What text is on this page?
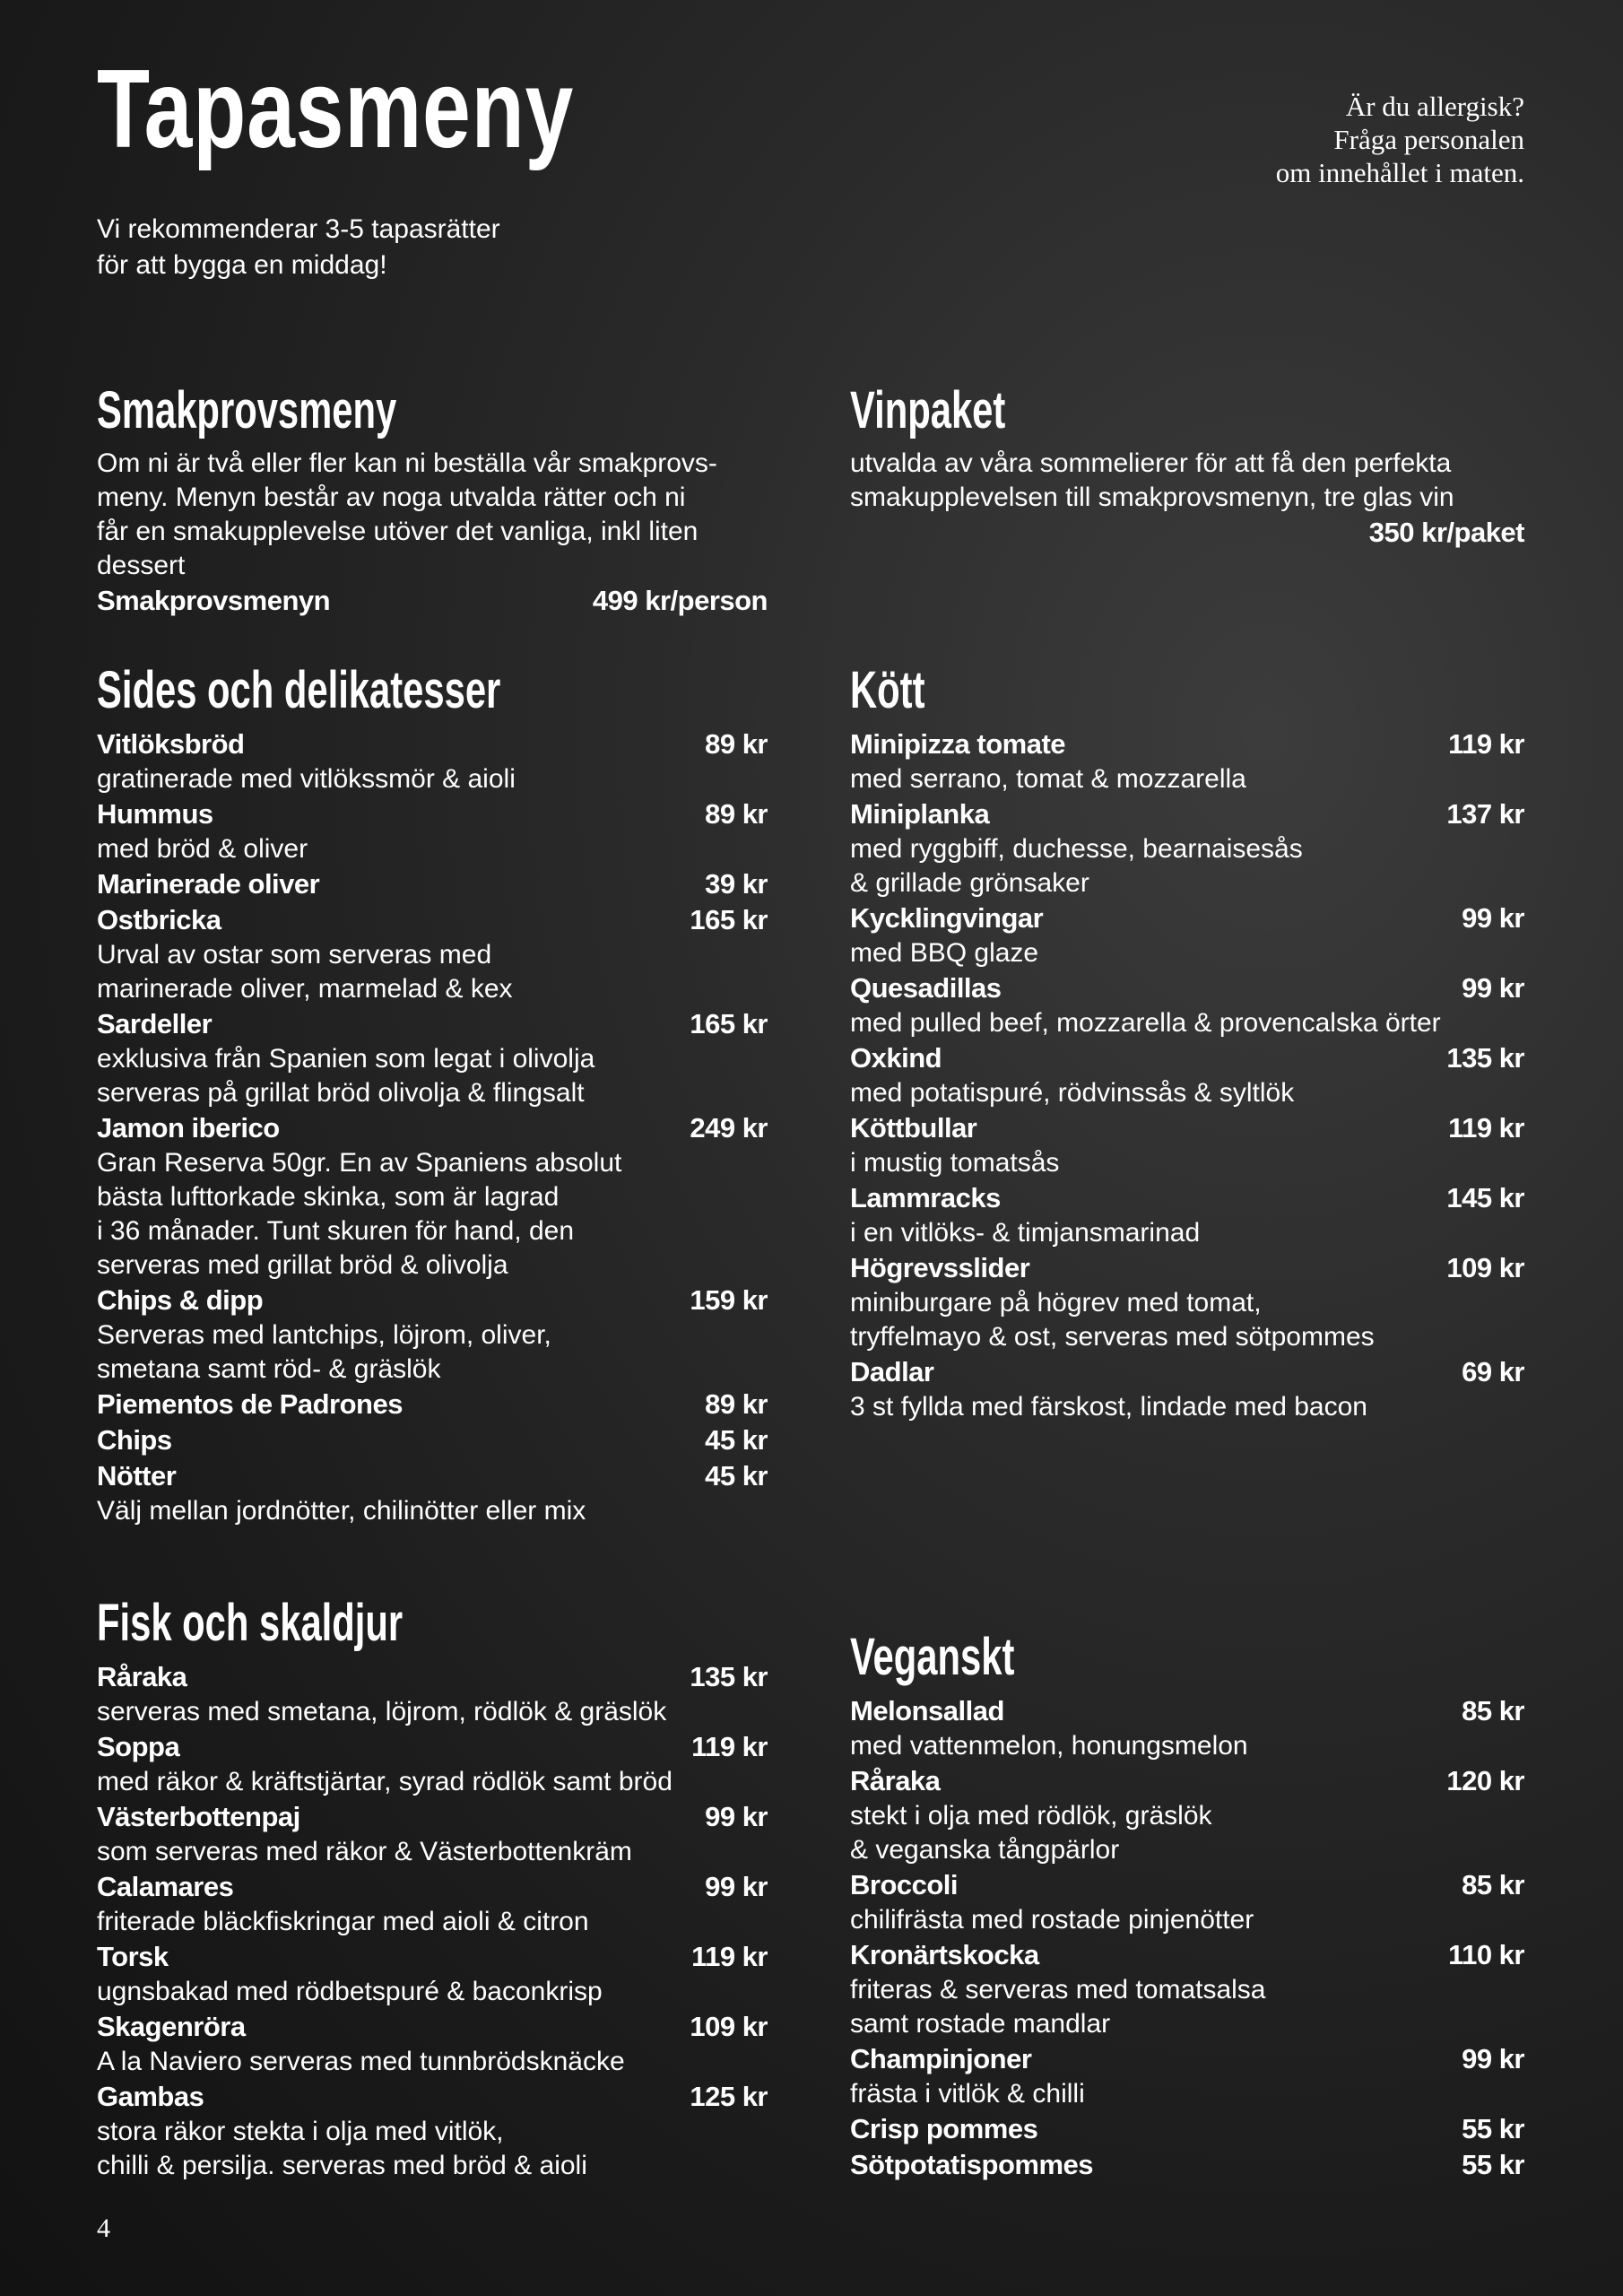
Tapasmeny
Vi rekommenderar 3-5 tapasrätter
för att bygga en middag!
Är du allergisk?
Fråga personalen
om innehållet i maten.
Smakprovsmeny
Om ni är två eller fler kan ni beställa vår smakprovs-
meny. Menyn består av noga utvalda rätter och ni
får en smakupplevelse utöver det vanliga, inkl liten
dessert
Smakprovsmenyn	499 kr/person
Vinpaket
utvalda av våra sommelierer för att få den perfekta
smakupplevelsen till smakprovsmenyn, tre glas vin
350 kr/paket
Sides och delikatesser
Vitlöksbröd	89 kr
gratinerade med vitlökssmör & aioli
Hummus	89 kr
med bröd & oliver
Marinerade oliver	39 kr
Ostbricka	165 kr
Urval av ostar som serveras med
marinerade oliver, marmelad & kex
Sardeller	165 kr
exklusiva från Spanien som legat i olivolja
serveras på grillat bröd olivolja & flingsalt
Jamon iberico	249 kr
Gran Reserva 50gr. En av Spaniens absolut
bästa lufttorkade skinka, som är lagrad
i 36 månader. Tunt skuren för hand, den
serveras med grillat bröd & olivolja
Chips & dipp	159 kr
Serveras med lantchips, löjrom, oliver,
smetana samt röd- & gräslök
Piementos de Padrones	89 kr
Chips	45 kr
Nötter	45 kr
Välj mellan jordnötter, chilinötter eller mix
Kött
Minipizza tomate	119 kr
med serrano, tomat & mozzarella
Miniplanka	137 kr
med ryggbiff, duchesse, bearnaisesås
& grillade grönsaker
Kycklingvingar	99 kr
med BBQ glaze
Quesadillas	99 kr
med pulled beef, mozzarella & provencalska örter
Oxkind	135 kr
med potatispuré, rödvinssås & syltlök
Köttbullar	119 kr
i mustig tomatsås
Lammracks	145 kr
i en vitlöks- & timjansmarinad
Högrevsslider	109 kr
miniburgare på högrev med tomat,
tryffelmayo & ost, serveras med sötpommes
Dadlar	69 kr
3 st fyllda med färskost, lindade med bacon
Fisk och skaldjur
Råraka	135 kr
serveras med smetana, löjrom, rödlök & gräslök
Soppa	119 kr
med räkor & kräftstjärtar, syrad rödlök samt bröd
Västerbottenpaj	99 kr
som serveras med räkor & Västerbottenkräm
Calamares	99 kr
friterade bläckfiskringar med aioli & citron
Torsk	119 kr
ugnsbakad med rödbetspuré & baconkrisp
Skagenröra	109 kr
A la Naviero serveras med tunnbrödsknäcke
Gambas	125 kr
stora räkor stekta i olja med vitlök,
chilli & persilja. serveras med bröd & aioli
Veganskt
Melonsallad	85 kr
med vattenmelon, honungsmelon
Råraka	120 kr
stekt i olja med rödlök, gräslök
& veganska tångpärlor
Broccoli	85 kr
chilifrästa med rostade pinjenötter
Kronärtskocka	110 kr
friteras & serveras med tomatsalsa
samt rostade mandlar
Champinjoner	99 kr
frästa i vitlök & chilli
Crisp pommes	55 kr
Sötpotatispommes	55 kr
4
